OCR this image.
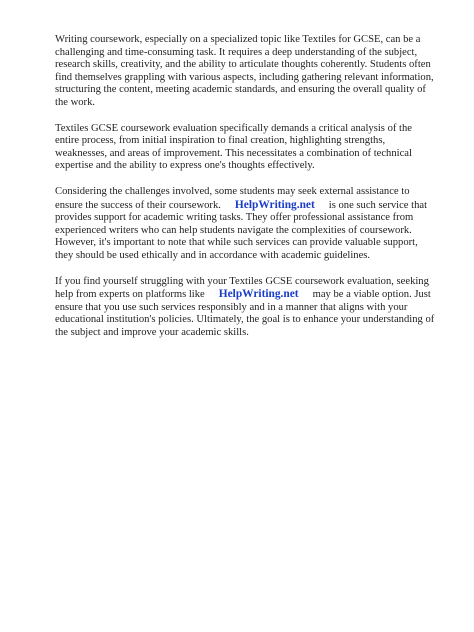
Writing coursework, especially on a specialized topic like Textiles for GCSE, can be a challenging and time-consuming task. It requires a deep understanding of the subject, research skills, creativity, and the ability to articulate thoughts coherently. Students often find themselves grappling with various aspects, including gathering relevant information, structuring the content, meeting academic standards, and ensuring the overall quality of the work.

Textiles GCSE coursework evaluation specifically demands a critical analysis of the entire process, from initial inspiration to final creation, highlighting strengths, weaknesses, and areas of improvement. This necessitates a combination of technical expertise and the ability to express one's thoughts effectively.

Considering the challenges involved, some students may seek external assistance to ensure the success of their coursework. HelpWriting.net is one such service that provides support for academic writing tasks. They offer professional assistance from experienced writers who can help students navigate the complexities of coursework. However, it's important to note that while such services can provide valuable support, they should be used ethically and in accordance with academic guidelines.

If you find yourself struggling with your Textiles GCSE coursework evaluation, seeking help from experts on platforms like HelpWriting.net may be a viable option. Just ensure that you use such services responsibly and in a manner that aligns with your educational institution's policies. Ultimately, the goal is to enhance your understanding of the subject and improve your academic skills.
